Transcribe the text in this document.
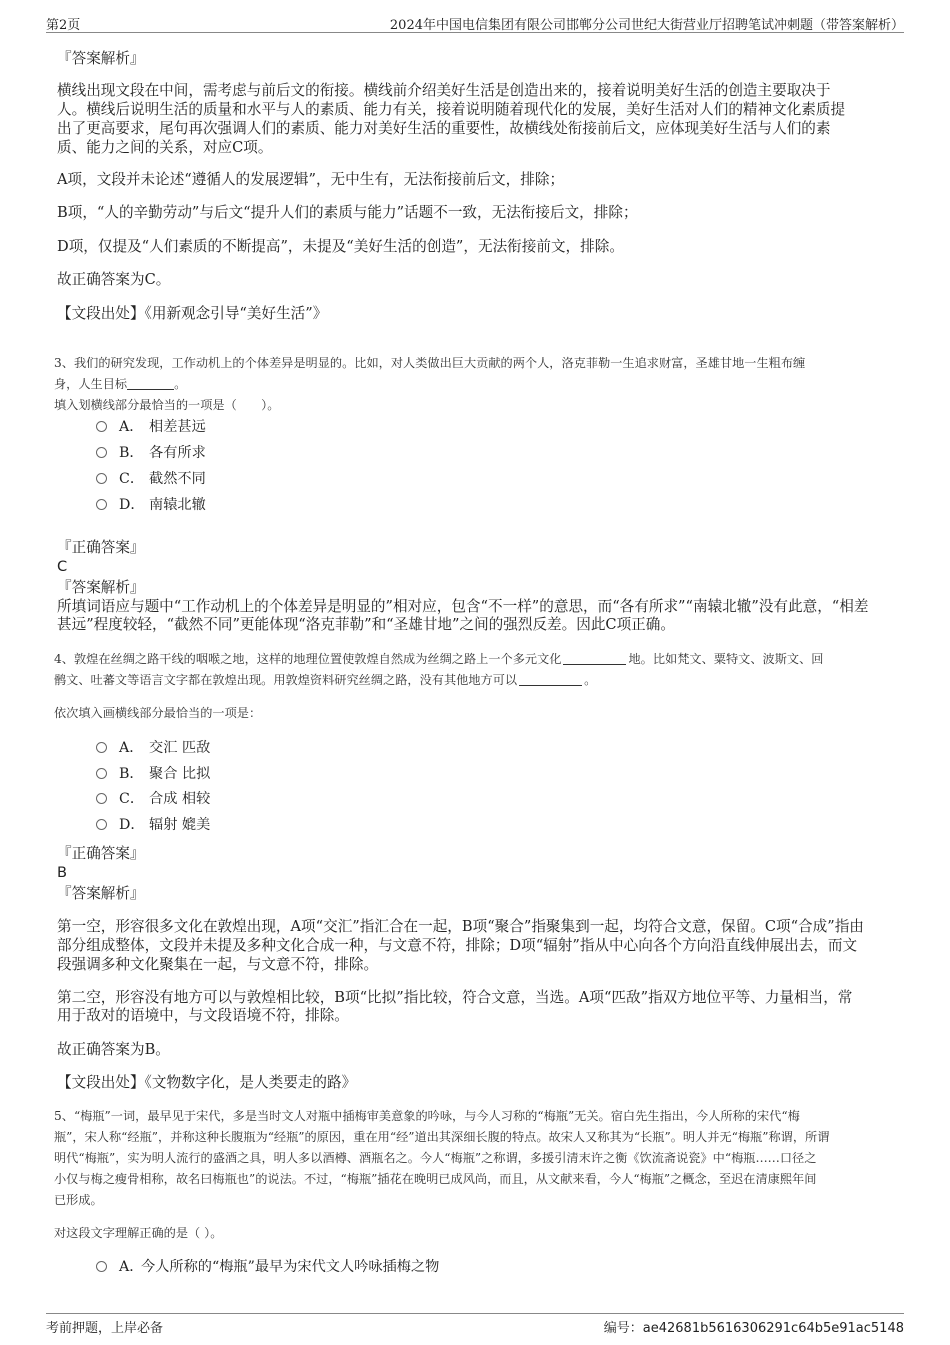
第2页	2024年中国电信集团有限公司邯郸分公司世纪大街营业厅招聘笔试冲刺题（带答案解析）
『答案解析』
横线出现文段在中间，需考虑与前后文的衔接。横线前介绍美好生活是创造出来的，接着说明美好生活的创造主要取决于
人。横线后说明生活的质量和水平与人的素质、能力有关，接着说明随着现代化的发展，美好生活对人们的精神文化素质提
出了更高要求，尾句再次强调人们的素质、能力对美好生活的重要性，故横线处衔接前后文，应体现美好生活与人们的素
质、能力之间的关系，对应C项。
A项，文段并未论述“遵循人的发展逻辑”，无中生有，无法衔接前后文，排除；
B项，“人的辛勤劳动”与后文“提升人们的素质与能力”话题不一致，无法衔接后文，排除；
D项，仅提及“人们素质的不断提高”，未提及“美好生活的创造”，无法衔接前文，排除。
故正确答案为C。
【文段出处】《用新观念引导“美好生活”》
3、我们的研究发现，工作动机上的个体差异是明显的。比如，对人类做出巨大贡献的两个人，洛克菲勒一生追求财富，圣雄甘地一生粗布缠
身，人生目标	。
填入划横线部分最恰当的一项是（　　）。
A． 相差甚远
B． 各有所求
C． 截然不同
D． 南辕北辙
『正确答案』
C
『答案解析』
所填词语应与题中“工作动机上的个体差异是明显的”相对应，包含“不一样”的意思，而“各有所求”“南辕北辙”没有此意，“相差
甚远”程度较轻，“截然不同”更能体现“洛克菲勒”和“圣雄甘地”之间的强烈反差。因此C项正确。
4、敦煌在丝绸之路干线的咽喉之地，这样的地理位置使敦煌自然成为丝绸之路上一个多元文化	地。比如梵文、粟特文、波斯文、回
鹘文、吐蕃文等语言文字都在敦煌出现。用敦煌资料研究丝绸之路，没有其他地方可以	。
依次填入画横线部分最恰当的一项是：
A． 交汇 匹敌
B． 聚合 比拟
C． 合成 相较
D． 辐射 媲美
『正确答案』
B
『答案解析』
第一空，形容很多文化在敦煌出现，A项“交汇”指汇合在一起，B项“聚合”指聚集到一起，均符合文意，保留。C项“合成”指由
部分组成整体，文段并未提及多种文化合成一种，与文意不符，排除；D项“辐射”指从中心向各个方向沿直线伸展出去，而文
段强调多种文化聚集在一起，与文意不符，排除。
第二空，形容没有地方可以与敦煌相比较，B项“比拟”指比较，符合文意，当选。A项“匹敌”指双方地位平等、力量相当，常
用于敌对的语境中，与文段语境不符，排除。
故正确答案为B。
【文段出处】《文物数字化，是人类要走的路》
5、“梅瓶”一词，最早见于宋代，多是当时文人对瓶中插梅审美意象的吟咏，与今人习称的“梅瓶”无关。宿白先生指出，今人所称的宋代“梅
瓶”，宋人称“经瓶”，并称这种长腹瓶为“经瓶”的原因，重在用“经”道出其深细长腹的特点。故宋人又称其为“长瓶”。明人并无“梅瓶”称谓，所谓
明代“梅瓶”，实为明人流行的盛酒之具，明人多以酒樽、酒瓶名之。今人“梅瓶”之称谓，多援引清末许之衡《饮流斋说瓷》中“梅瓶……口径之
小仅与梅之瘦骨相称，故名曰梅瓶也”的说法。不过，“梅瓶”插花在晚明已成风尚，而且，从文献来看，今人“梅瓶”之概念，至迟在清康熙年间
已形成。
对这段文字理解正确的是（ ）。
A．今人所称的“梅瓶”最早为宋代文人吟咏插梅之物
考前押题，上岸必备	编号：ae42681b5616306291c64b5e91ac5148
